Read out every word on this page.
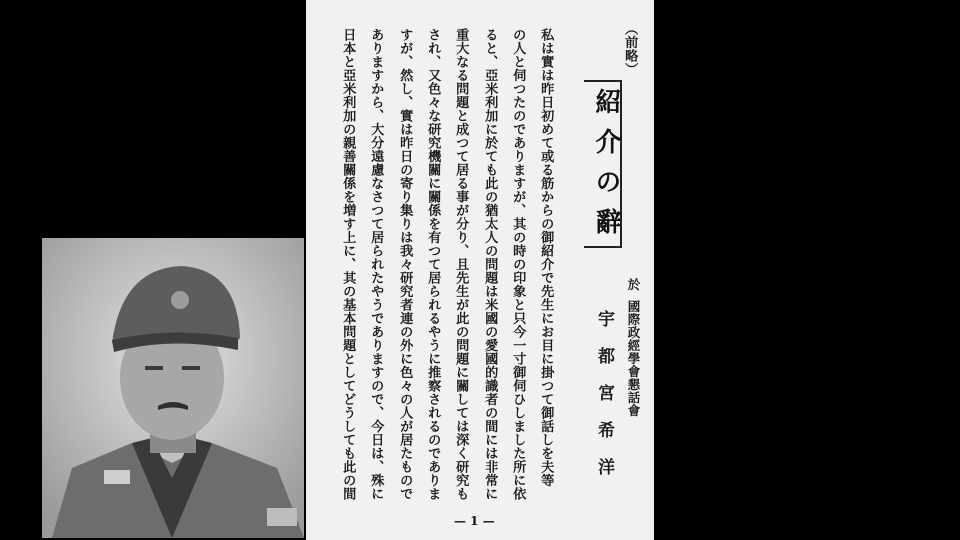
（前略）
私は實は昨日初めて或る筋からの御紹介で先生にお目に掛つて御話しを夫等
の人と伺つたのでありますが、其の時の印象と只今一寸御伺ひしました所に依
ると、亞米利加に於ても此の猶太人の問題は米國の愛國的識者の間には非常に
重大なる問題と成つて居る事が分り、且先生が此の問題に關しては深く研究も
され、又色々な研究機關に關係を有つて居られるやうに推察されるのでありま
すが、然し、實は昨日の寄り集りは我々研究者連の外に色々の人が居たもので
ありますから、大分遠慮なさつて居られたやうでありますので、今日は、殊に
日本と亞米利加の親善關係を増す上に、其の基本問題としてどうしても此の間	紹介の辭
於
國際政經學會懇話會
宇都宮希洋
— 1 —
